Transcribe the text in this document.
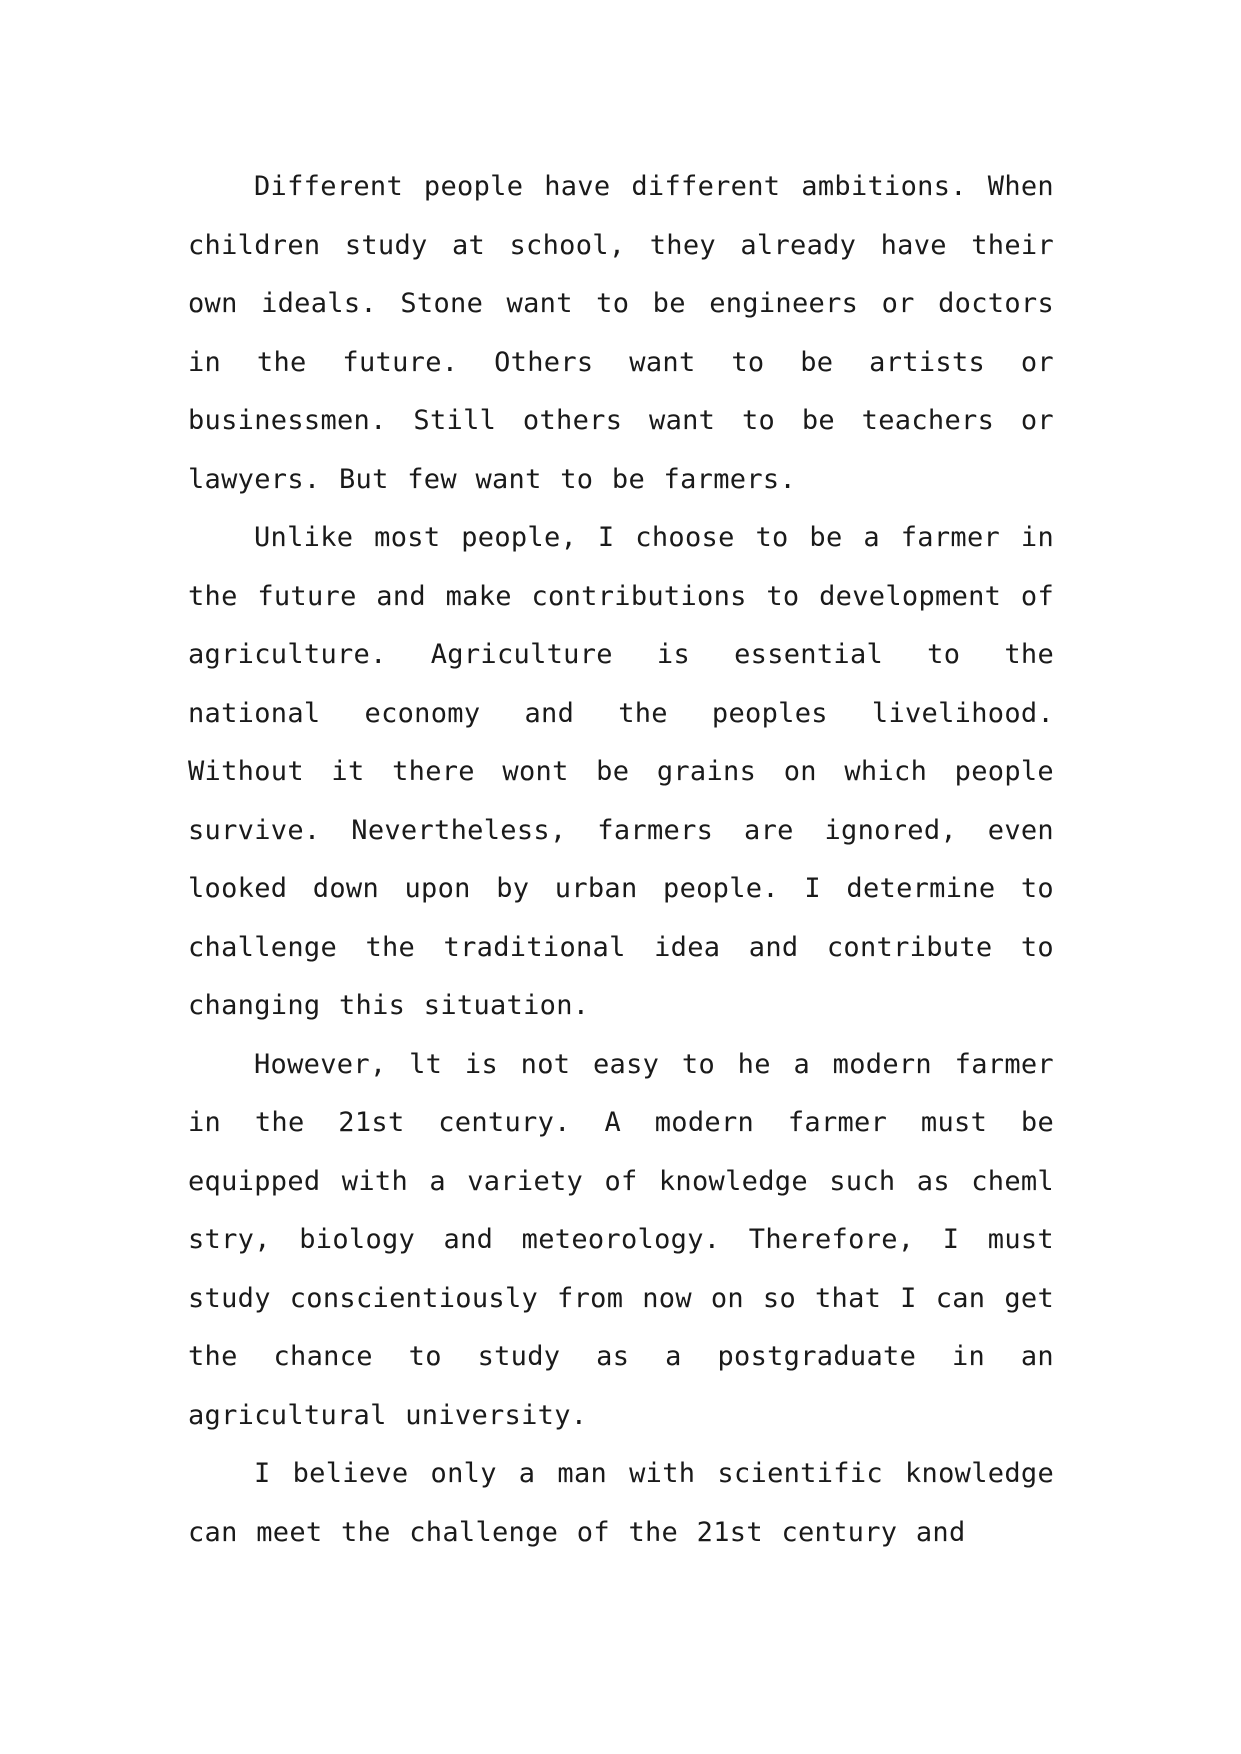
Different people have different ambitions. When children study at school, they already have their own ideals. Stone want to be engineers or doctors in the future. Others want to be artists or businessmen. Still others want to be teachers or lawyers. But few want to be farmers.

Unlike most people, I choose to be a farmer in the future and make contributions to development of agriculture. Agriculture is essential to the national economy and the peoples livelihood. Without it there wont be grains on which people survive. Nevertheless, farmers are ignored, even looked down upon by urban people. I determine to challenge the traditional idea and contribute to changing this situation.

However, lt is not easy to he a modern farmer in the 21st century. A modern farmer must be equipped with a variety of knowledge such as cheml stry, biology and meteorology. Therefore, I must study conscientiously from now on so that I can get the chance to study as a postgraduate in an agricultural university.

I believe only a man with scientific knowledge can meet the challenge of the 21st century and
